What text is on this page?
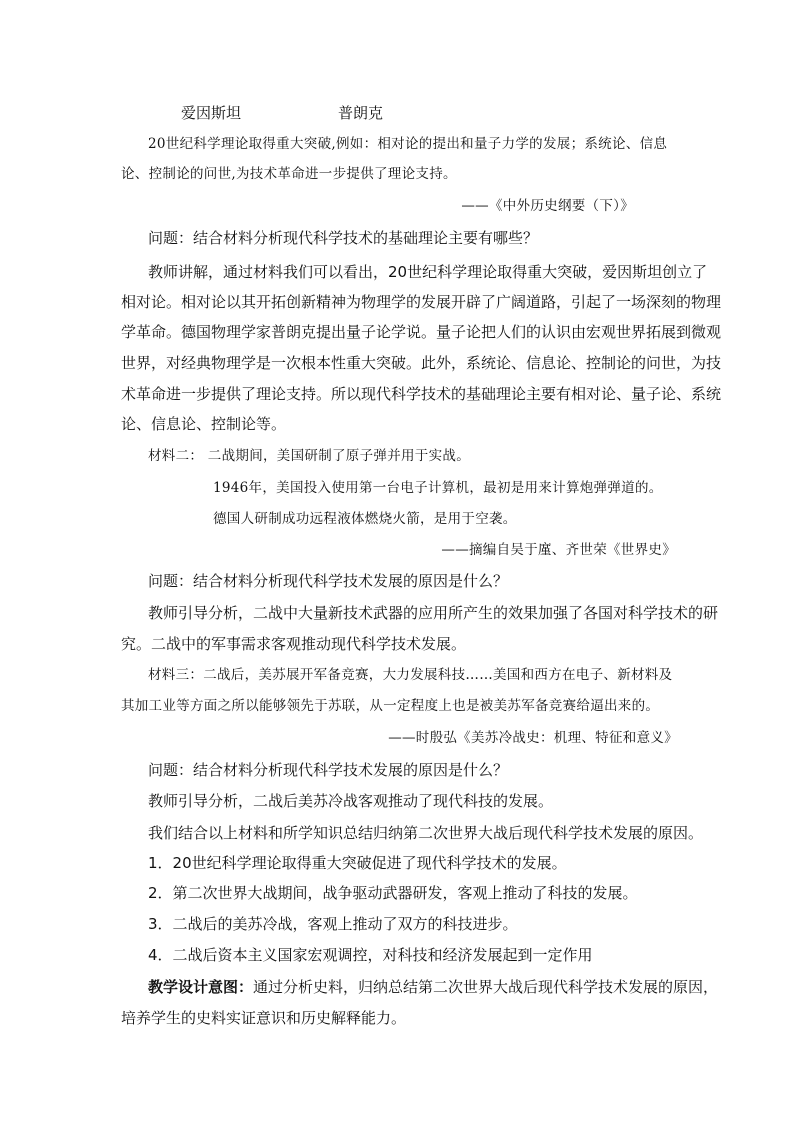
爱因斯坦	普朗克
20世纪科学理论取得重大突破,例如：相对论的提出和量子力学的发展；系统论、信息
论、控制论的问世,为技术革命进一步提供了理论支持。
——《中外历史纲要（下）》
问题：结合材料分析现代科学技术的基础理论主要有哪些？
教师讲解，通过材料我们可以看出，20世纪科学理论取得重大突破，爱因斯坦创立了
相对论。相对论以其开拓创新精神为物理学的发展开辟了广阔道路，引起了一场深刻的物理
学革命。德国物理学家普朗克提出量子论学说。量子论把人们的认识由宏观世界拓展到微观
世界，对经典物理学是一次根本性重大突破。此外，系统论、信息论、控制论的问世，为技
术革命进一步提供了理论支持。所以现代科学技术的基础理论主要有相对论、量子论、系统
论、信息论、控制论等。
材料二： 二战期间，美国研制了原子弹并用于实战。
1946年，美国投入使用第一台电子计算机，最初是用来计算炮弹弹道的。
德国人研制成功远程液体燃烧火箭，是用于空袭。
——摘编自吴于廑、齐世荣《世界史》
问题：结合材料分析现代科学技术发展的原因是什么？
教师引导分析，二战中大量新技术武器的应用所产生的效果加强了各国对科学技术的研
究。二战中的军事需求客观推动现代科学技术发展。
材料三：二战后，美苏展开军备竞赛，大力发展科技……美国和西方在电子、新材料及
其加工业等方面之所以能够领先于苏联，从一定程度上也是被美苏军备竞赛给逼出来的。
——时殷弘《美苏冷战史：机理、特征和意义》
问题：结合材料分析现代科学技术发展的原因是什么？
教师引导分析，二战后美苏冷战客观推动了现代科技的发展。
我们结合以上材料和所学知识总结归纳第二次世界大战后现代科学技术发展的原因。
1．20世纪科学理论取得重大突破促进了现代科学技术的发展。
2．第二次世界大战期间，战争驱动武器研发，客观上推动了科技的发展。
3．二战后的美苏冷战，客观上推动了双方的科技进步。
4．二战后资本主义国家宏观调控，对科技和经济发展起到一定作用
教学设计意图：通过分析史料，归纳总结第二次世界大战后现代科学技术发展的原因，
培养学生的史料实证意识和历史解释能力。
